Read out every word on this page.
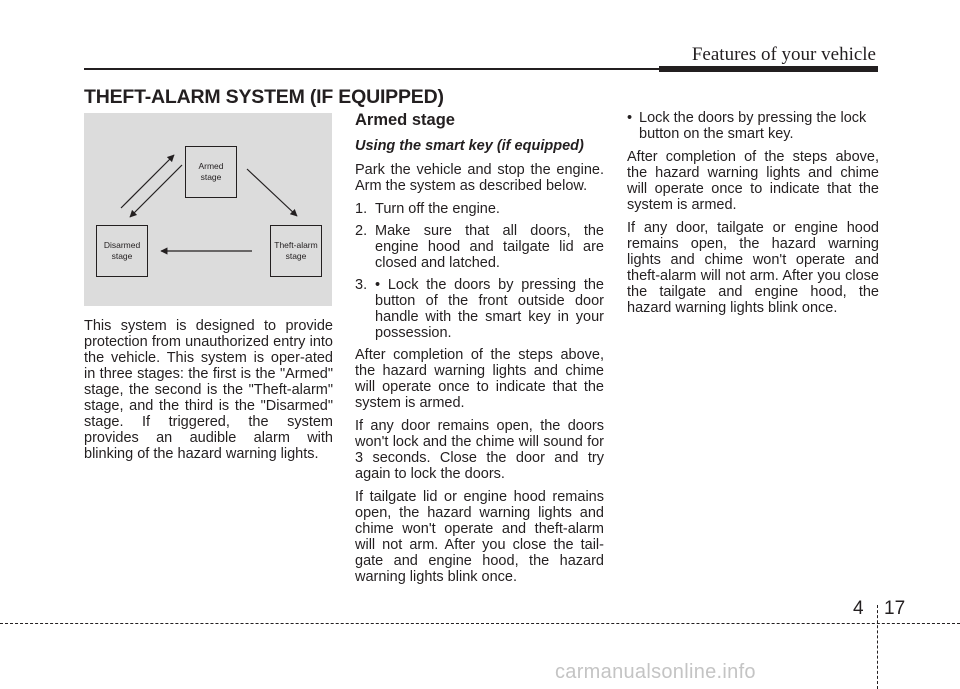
Features of your vehicle
THEFT-ALARM SYSTEM (IF EQUIPPED)
Armed
stage
Theft-alarm
stage
Disarmed
stage

This system is designed to provide protection from unauthorized entry into the vehicle. This system is oper-ated in three stages: the first is the "Armed" stage, the second is the "Theft-alarm" stage, and the third is the "Disarmed" stage. If triggered, the system provides an audible alarm with blinking of the hazard warning lights.

Armed stage
Using the smart key (if equipped)

Park the vehicle and stop the engine. Arm the system as described below.

1. Turn off the engine.
2. Make sure that all doors, the engine hood and tailgate lid are closed and latched.
3. • Lock the doors by pressing the button of the front outside door handle with the smart key in your possession.

After completion of the steps above, the hazard warning lights and chime will operate once to indicate that the system is armed.

If any door remains open, the doors won't lock and the chime will sound for 3 seconds. Close the door and try again to lock the doors.

If tailgate lid or engine hood remains open, the hazard warning lights and chime won't operate and theft-alarm will not arm. After you close the tail-gate and engine hood, the hazard warning lights blink once.

• Lock the doors by pressing the lock button on the smart key.

After completion of the steps above, the hazard warning lights and chime will operate once to indicate that the system is armed.

If any door, tailgate or engine hood remains open, the hazard warning lights and chime won't operate and theft-alarm will not arm. After you close the tailgate and engine hood, the hazard warning lights blink once.

4 17
carmanualsonline.info
